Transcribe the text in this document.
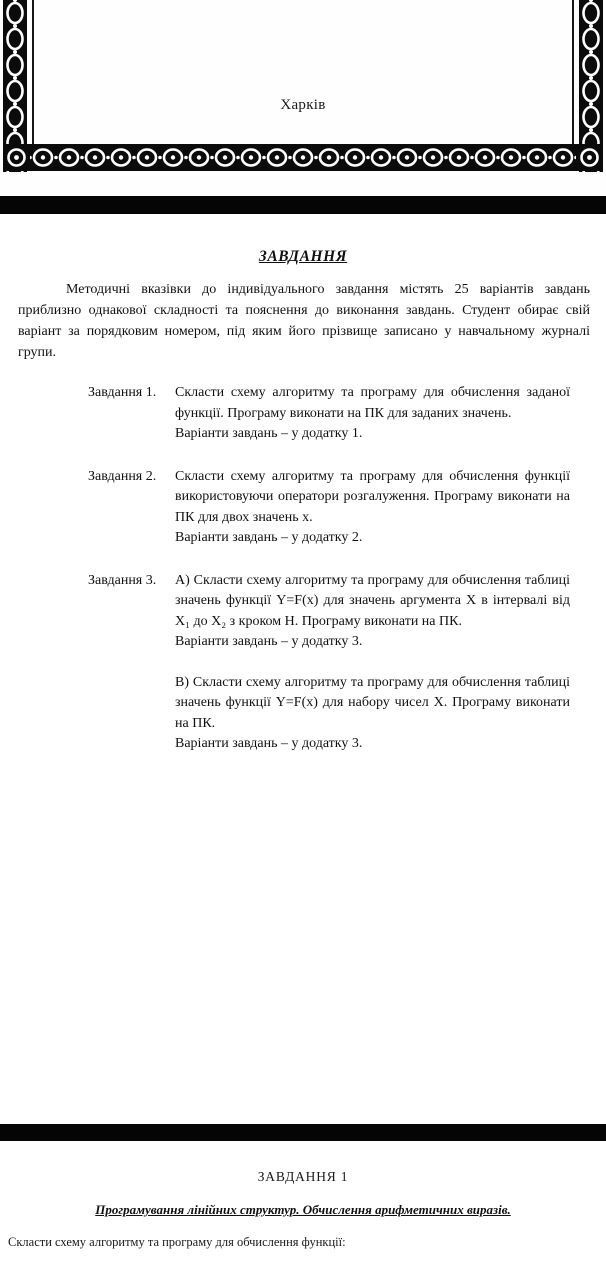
Харків
ЗАВДАННЯ

Методичні вказівки до індивідуального завдання містять 25 варіантів завдань приблизно однакової складності та пояснення до виконання завдань. Студент обирає свій варіант за порядковим номером, під яким його прізвище записано у навчальному журналі групи.

Завдання 1.	Скласти схему алгоритму та програму для обчислення заданої функції. Програму виконати на ПК для заданих значень.
Варіанти завдань – у додатку 1.
Завдання 2.	Скласти схему алгоритму та програму для обчислення функції використовуючи оператори розгалуження. Програму виконати на ПК для двох значень x.
Варіанти завдань – у додатку 2.
Завдання 3.	А) Скласти схему алгоритму та програму для обчислення таблиці значень функції Y=F(x) для значень аргумента X в інтервалі від X₁ до X₂ з кроком H. Програму виконати на ПК.
Варіанти завдань – у додатку 3.
В) Скласти схему алгоритму та програму для обчислення таблиці значень функції Y=F(x) для набору чисел X. Програму виконати на ПК.
Варіанти завдань – у додатку 3.
ЗАВДАННЯ 1
Програмування лінійних структур. Обчислення арифметичних виразів.
Скласти схему алгоритму та програму для обчислення функції:
